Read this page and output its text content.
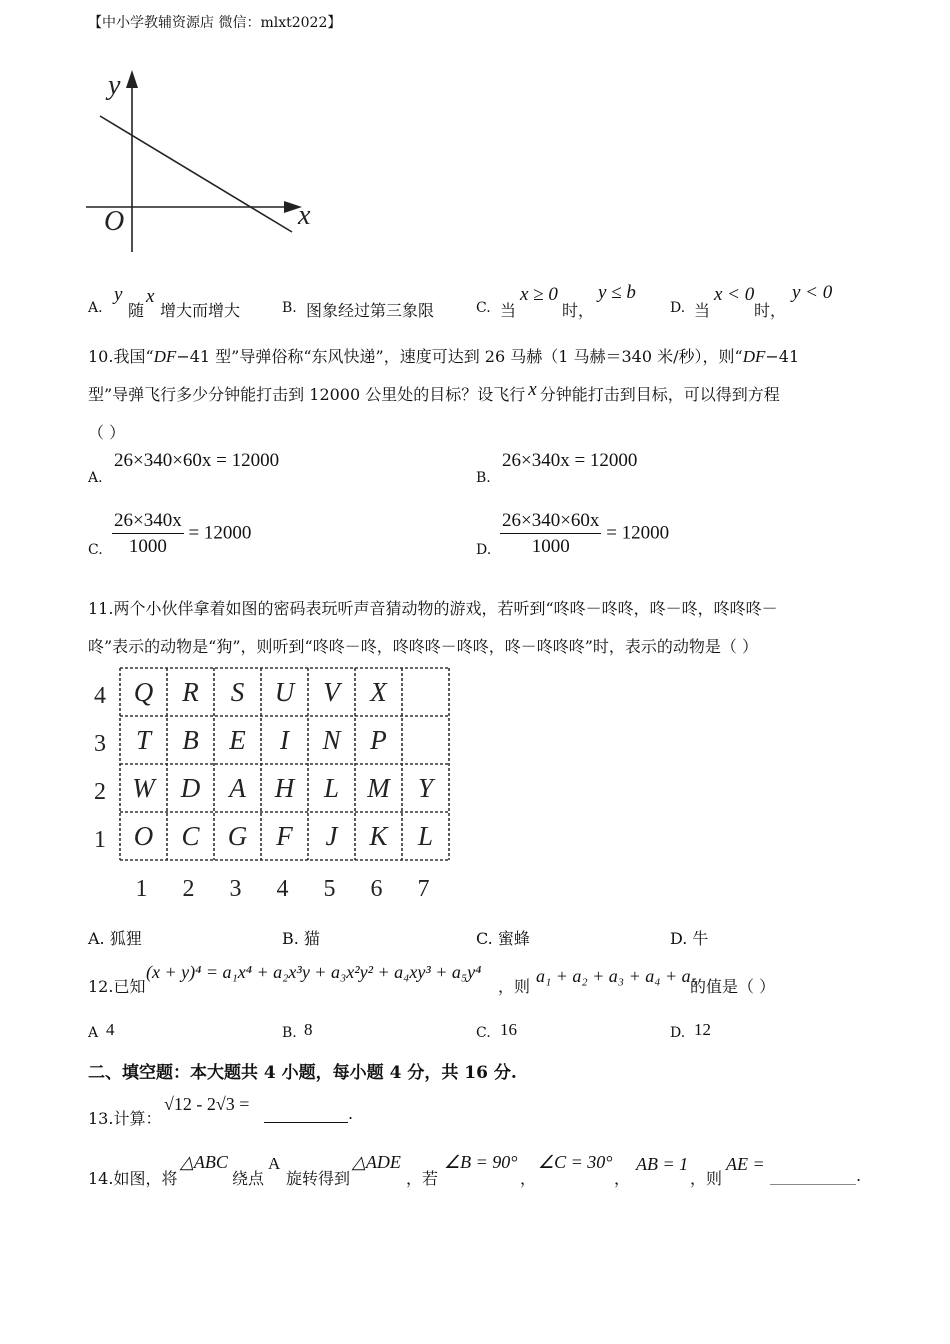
【中小学教辅资源店 微信：mlxt2022】
y
x
O
A.
y
随
x
增大而增大	B. 图象经过第三象限	C. 当
x ≥ 0
时，
y ≤ b
D. 当
x < 0
时，
y < 0
10.我国“DF−41 型”导弹俗称“东风快递”，速度可达到 26 马赫（1 马赫＝340 米/秒），则“DF−41
型”导弹飞行多少分钟能打击到 12000 公里处的目标？设飞行 x 分钟能打击到目标，可以得到方程
（ ）
A.
26×340×60x = 12000
B.
26×340x = 12000
C. $\frac{26\times 340x}{1000} = 12000$
D. $\frac{26\times 340\times 60x}{1000} = 12000$
11.两个小伙伴拿着如图的密码表玩听声音猜动物的游戏，若听到“咚咚－咚咚，咚－咚，咚咚咚－
咚”表示的动物是“狗”，则听到“咚咚－咚，咚咚咚－咚咚，咚－咚咚咚”时，表示的动物是（ ）
4 Q R S U V X
3 T B E I N P
2 W D A H L M Y
1 O C G F J K L
1 2 3 4 5 6 7
A. 狐狸	B. 猫	C. 蜜蜂	D. 牛
12.已知
(x + y)⁴ = a₁x⁴ + a₂x³y + a₃x²y² + a₄xy³ + a₅y⁴
，则
a₁ + a₂ + a₃ + a₄ + a₅
的值是（ ）
A 4	B. 8	C. 16	D. 12
二、填空题：本大题共 4 小题，每小题 4 分，共 16 分.
13.计算：
√12 - 2√3 =	.
14.如图，将
△ABC
绕点
A
旋转得到
△ADE
，若
∠B = 90°
，
∠C = 30°
，
AB = 1
，则
AE =
.
